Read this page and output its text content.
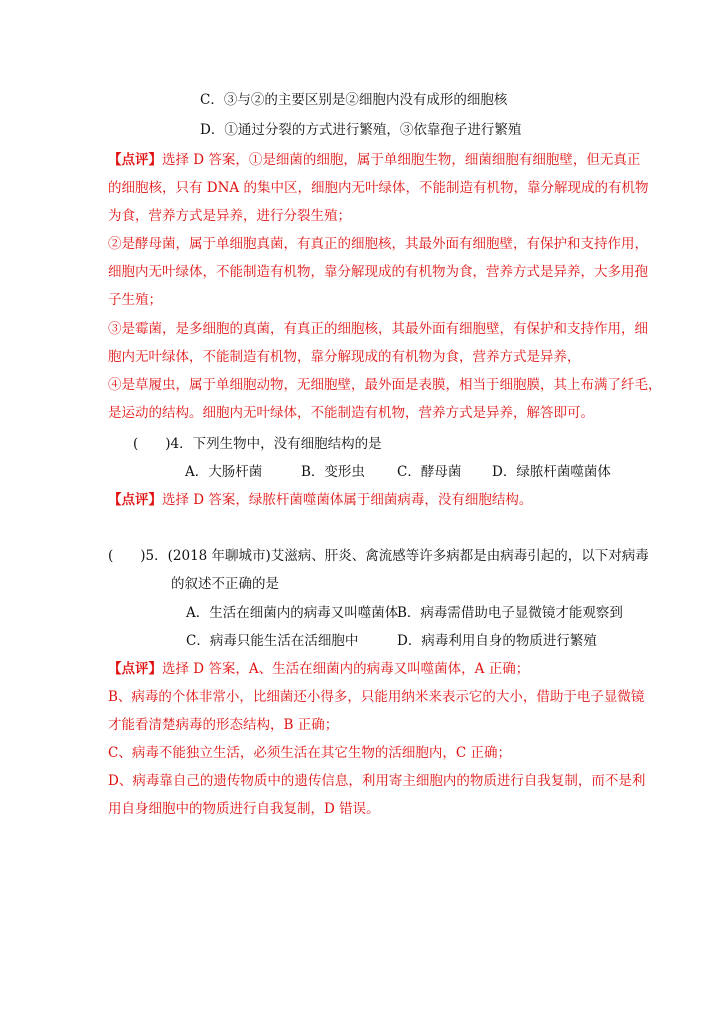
C．③与②的主要区别是②细胞内没有成形的细胞核
D．①通过分裂的方式进行繁殖，③依靠孢子进行繁殖
【点评】选择 D 答案，①是细菌的细胞，属于单细胞生物，细菌细胞有细胞壁，但无真正
的细胞核，只有 DNA 的集中区，细胞内无叶绿体，不能制造有机物，靠分解现成的有机物
为食，营养方式是异养，进行分裂生殖；
②是酵母菌，属于单细胞真菌，有真正的细胞核，其最外面有细胞壁，有保护和支持作用，
细胞内无叶绿体，不能制造有机物，靠分解现成的有机物为食，营养方式是异养，大多用孢
子生殖；
③是霉菌，是多细胞的真菌，有真正的细胞核，其最外面有细胞壁，有保护和支持作用，细
胞内无叶绿体，不能制造有机物，靠分解现成的有机物为食，营养方式是异养，
④是草履虫，属于单细胞动物，无细胞壁，最外面是表膜，相当于细胞膜，其上布满了纤毛，
是运动的结构。细胞内无叶绿体，不能制造有机物，营养方式是异养，解答即可。
(　　)4．下列生物中，没有细胞结构的是
A．大肠杆菌	B．变形虫 C．酵母菌 D．绿脓杆菌噬菌体
【点评】选择 D 答案，绿脓杆菌噬菌体属于细菌病毒，没有细胞结构。
(　　)5．(2018 年聊城市)艾滋病、肝炎、禽流感等许多病都是由病毒引起的，以下对病毒
的叙述不正确的是
A．生活在细菌内的病毒又叫噬菌体
B．病毒需借助电子显微镜才能观察到
C．病毒只能生活在活细胞中	D．病毒利用自身的物质进行繁殖
【点评】选择 D 答案，A、生活在细菌内的病毒又叫噬菌体，A 正确；
B、病毒的个体非常小，比细菌还小得多，只能用纳米来表示它的大小，借助于电子显微镜
才能看清楚病毒的形态结构，B 正确；
C、病毒不能独立生活，必须生活在其它生物的活细胞内，C 正确；
D、病毒靠自己的遗传物质中的遗传信息，利用寄主细胞内的物质进行自我复制，而不是利
用自身细胞中的物质进行自我复制，D 错误。
